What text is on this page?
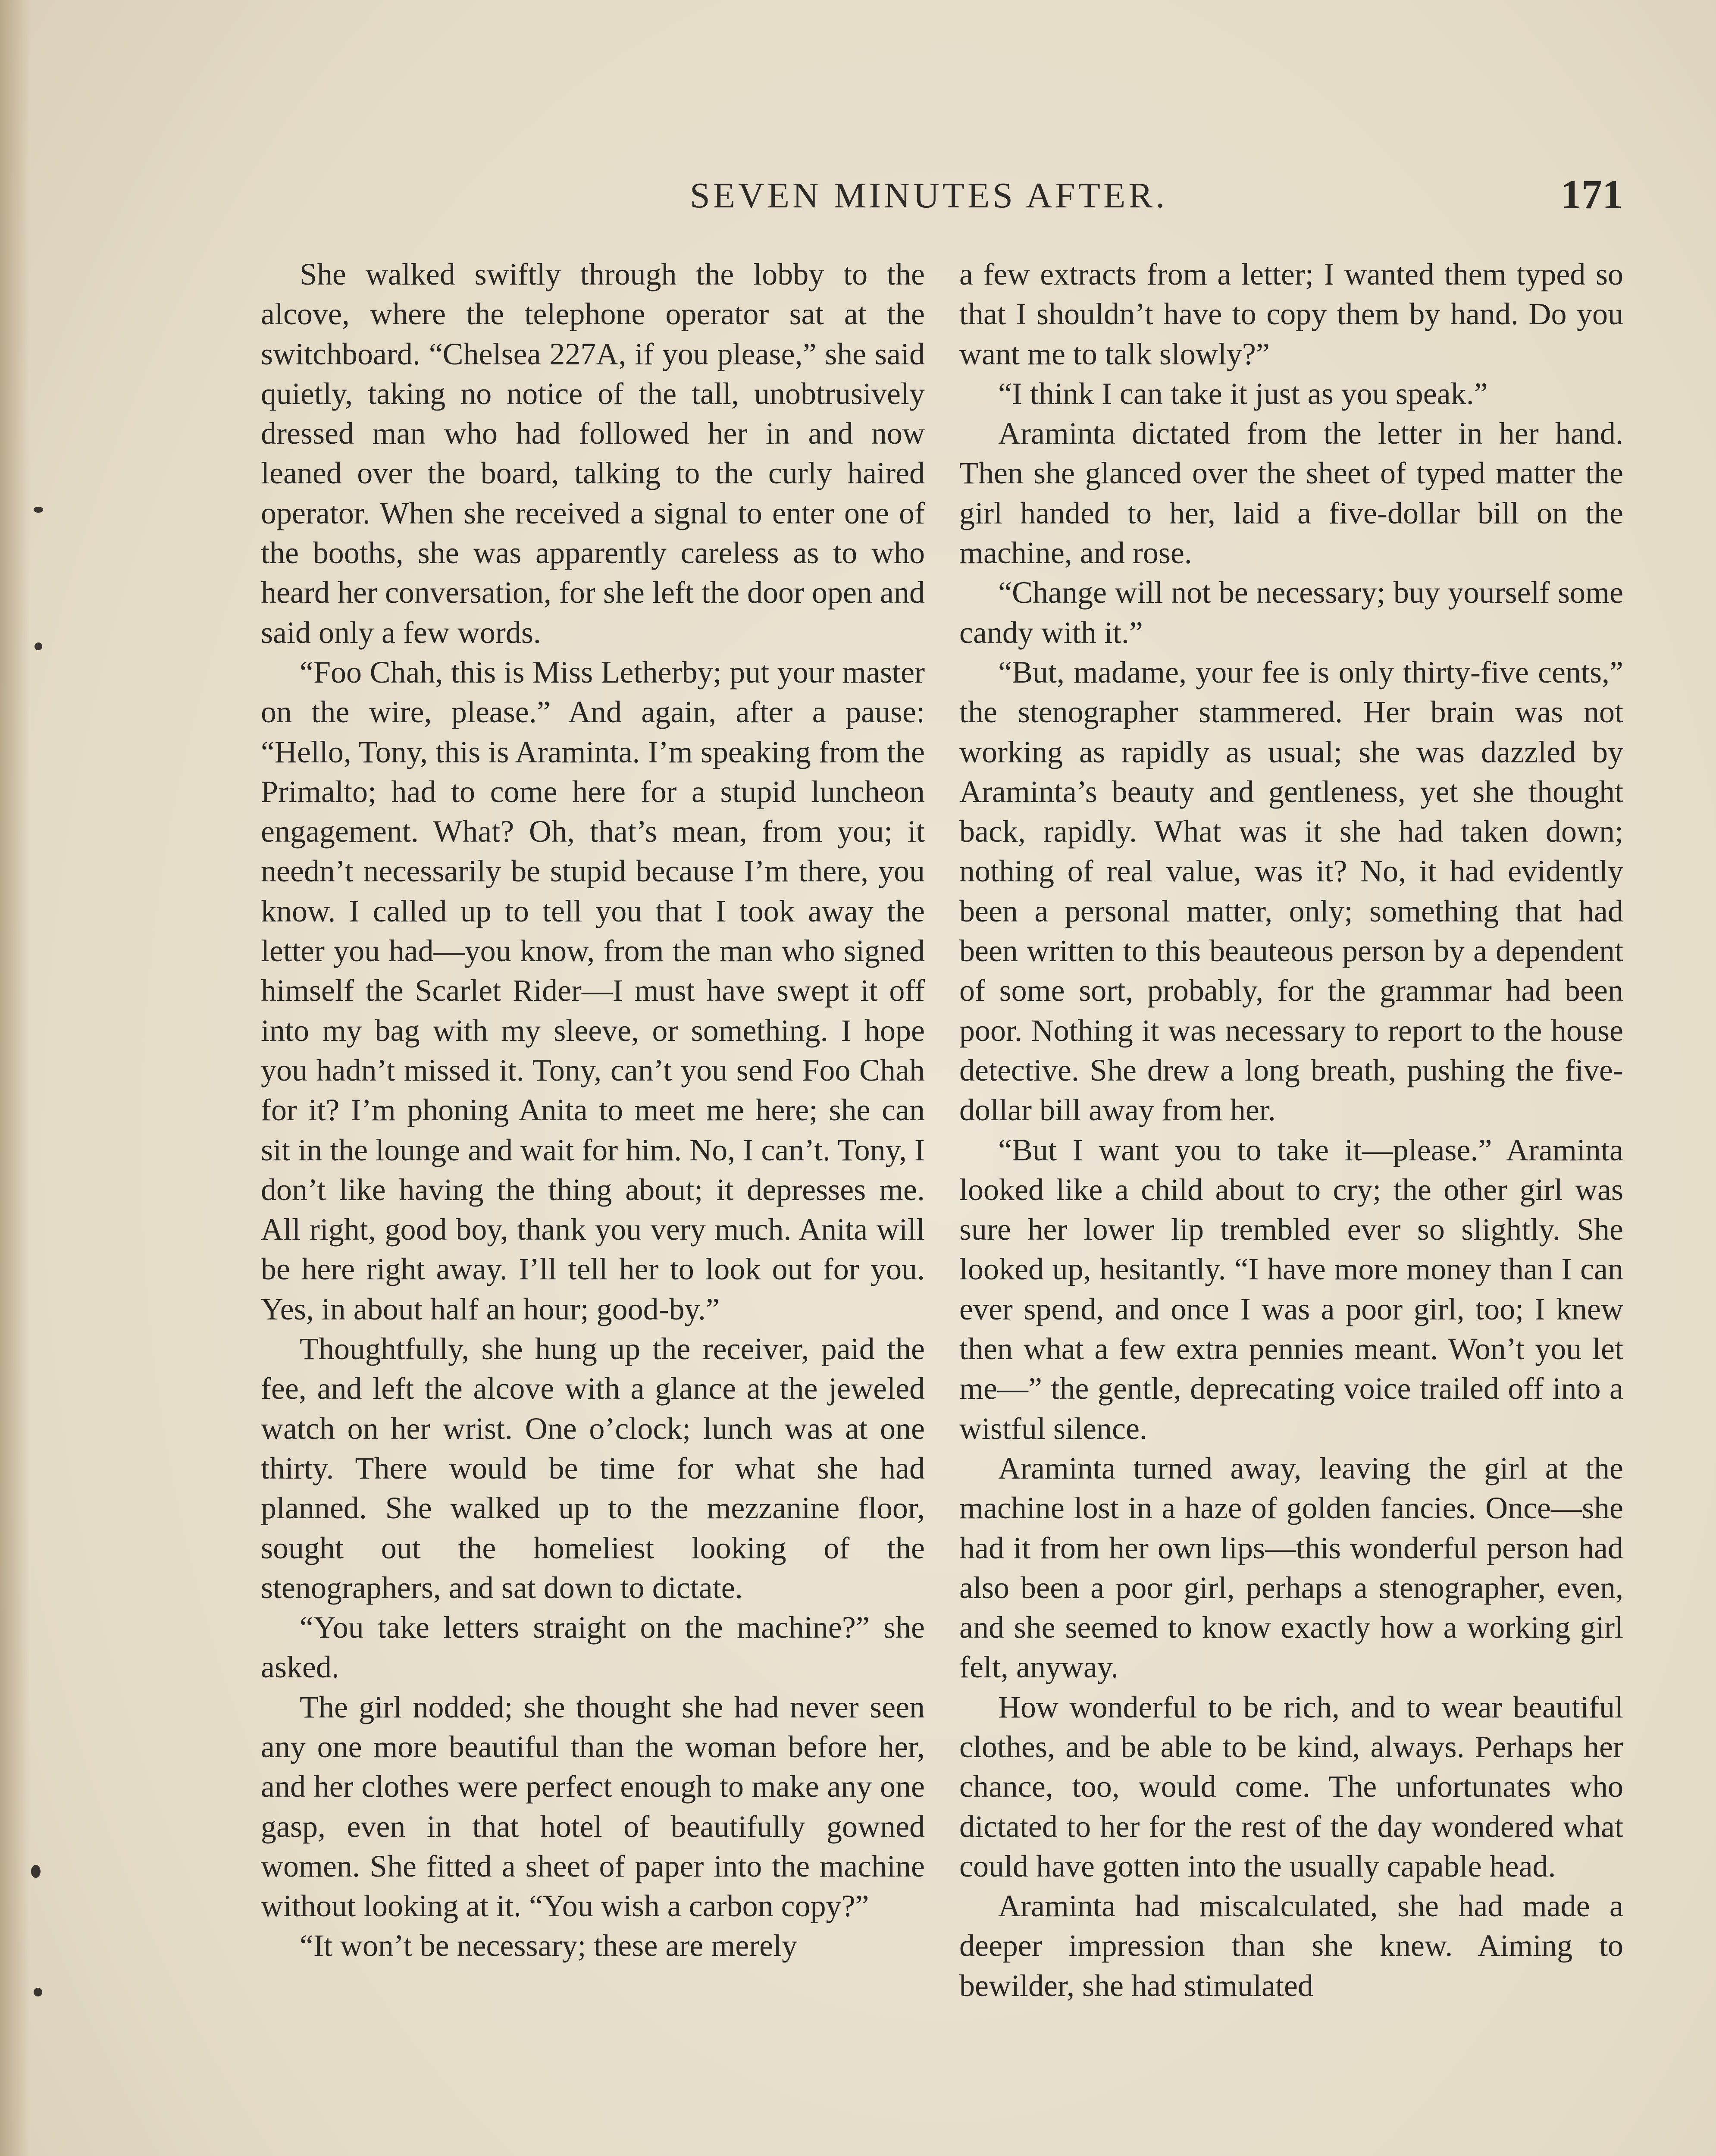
SEVEN MINUTES AFTER.	171

She walked swiftly through the lobby to the alcove, where the telephone operator sat at the switchboard. “Chelsea 227A, if you please,” she said quietly, taking no notice of the tall, unobtrusively dressed man who had followed her in and now leaned over the board, talking to the curly haired operator. When she received a signal to enter one of the booths, she was apparently careless as to who heard her conversation, for she left the door open and said only a few words.

“Foo Chah, this is Miss Letherby; put your master on the wire, please.” And again, after a pause: “Hello, Tony, this is Araminta. I’m speaking from the Primalto; had to come here for a stupid luncheon engagement. What? Oh, that’s mean, from you; it needn’t necessarily be stupid because I’m there, you know. I called up to tell you that I took away the letter you had—you know, from the man who signed himself the Scarlet Rider—I must have swept it off into my bag with my sleeve, or something. I hope you hadn’t missed it. Tony, can’t you send Foo Chah for it? I’m phoning Anita to meet me here; she can sit in the lounge and wait for him. No, I can’t. Tony, I don’t like having the thing about; it depresses me. All right, good boy, thank you very much. Anita will be here right away. I’ll tell her to look out for you. Yes, in about half an hour; good-by.”

Thoughtfully, she hung up the receiver, paid the fee, and left the alcove with a glance at the jeweled watch on her wrist. One o’clock; lunch was at one thirty. There would be time for what she had planned. She walked up to the mezzanine floor, sought out the homeliest looking of the stenographers, and sat down to dictate.

“You take letters straight on the machine?” she asked.

The girl nodded; she thought she had never seen any one more beautiful than the woman before her, and her clothes were perfect enough to make any one gasp, even in that hotel of beautifully gowned women. She fitted a sheet of paper into the machine without looking at it. “You wish a carbon copy?”

“It won’t be necessary; these are merely

a few extracts from a letter; I wanted them typed so that I shouldn’t have to copy them by hand. Do you want me to talk slowly?”

“I think I can take it just as you speak.”

Araminta dictated from the letter in her hand. Then she glanced over the sheet of typed matter the girl handed to her, laid a five-dollar bill on the machine, and rose.

“Change will not be necessary; buy yourself some candy with it.”

“But, madame, your fee is only thirty-five cents,” the stenographer stammered. Her brain was not working as rapidly as usual; she was dazzled by Araminta’s beauty and gentleness, yet she thought back, rapidly. What was it she had taken down; nothing of real value, was it? No, it had evidently been a personal matter, only; something that had been written to this beauteous person by a dependent of some sort, probably, for the grammar had been poor. Nothing it was necessary to report to the house detective. She drew a long breath, pushing the five-dollar bill away from her.

“But I want you to take it—please.” Araminta looked like a child about to cry; the other girl was sure her lower lip trembled ever so slightly. She looked up, hesitantly. “I have more money than I can ever spend, and once I was a poor girl, too; I knew then what a few extra pennies meant. Won’t you let me—” the gentle, deprecating voice trailed off into a wistful silence.

Araminta turned away, leaving the girl at the machine lost in a haze of golden fancies. Once—she had it from her own lips—this wonderful person had also been a poor girl, perhaps a stenographer, even, and she seemed to know exactly how a working girl felt, anyway.

How wonderful to be rich, and to wear beautiful clothes, and be able to be kind, always. Perhaps her chance, too, would come. The unfortunates who dictated to her for the rest of the day wondered what could have gotten into the usually capable head.

Araminta had miscalculated, she had made a deeper impression than she knew. Aiming to bewilder, she had stimulated
